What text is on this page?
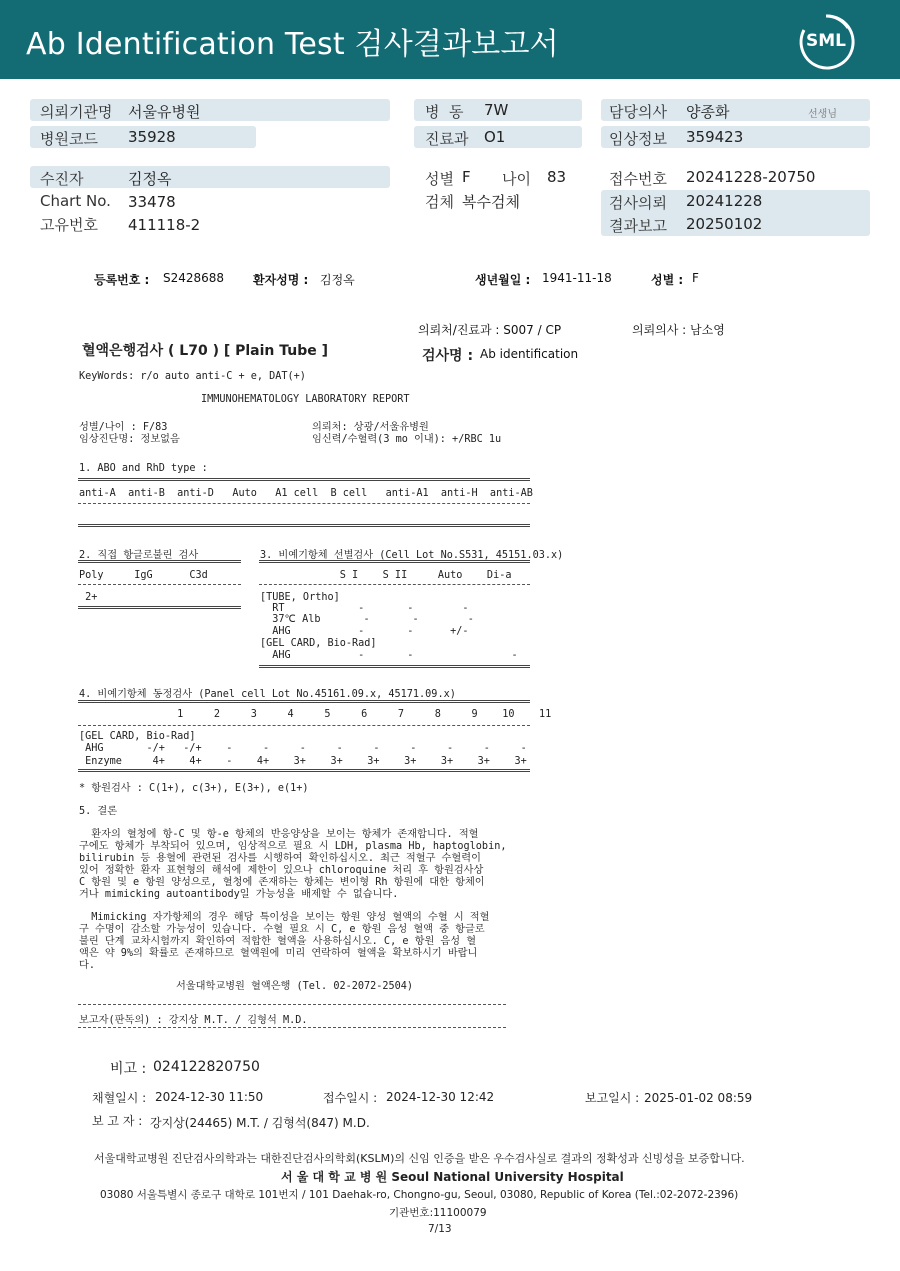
Ab Identification Test 검사결과보고서	SML
의뢰기관명 서울유병원
병원코드 35928
병  동 7W
진료과 O1
담당의사 양종화	선생님
임상정보 359423
수진자	김정옥
Chart No. 33478
고유번호 411118-2
성별 F 나이 83
검체 복수검체
접수번호 20241228-20750
검사의뢰 20241228
결과보고 20250102
등록번호 : S2428688 환자성명 : 김정옥	생년월일 : 1941-11-18	성별 : F
의뢰처/진료과 : S007 / CP	의뢰의사 : 남소영
혈액은행검사 ( L70 ) [ Plain Tube ]	검사명 : Ab identification
KeyWords: r/o auto anti-C + e, DAT(+)
IMMUNOHEMATOLOGY LABORATORY REPORT
성별/나이 : F/83
임상진단명: 정보없음
의뢰처: 상광/서울유병원
임신력/수혈력(3 mo 이내): +/RBC 1u
1. ABO and RhD type :
anti-A  anti-B  anti-D   Auto   A1 cell  B cell   anti-A1  anti-H  anti-AB
2. 직접 항글로불린 검사	3. 비예기항체 선별검사 (Cell Lot No.S531, 45151.03.x)
Poly     IgG      C3d	S I    S II     Auto    Di-a
2+	[TUBE, Ortho]
RT            -       -        -
37℃ Alb       -       -        -
AHG           -       -      +/-
[GEL CARD, Bio-Rad]
AHG           -       -                -
4. 비예기항체 동정검사 (Panel cell Lot No.45161.09.x, 45171.09.x)
1     2     3     4     5     6     7     8     9    10    11
[GEL CARD, Bio-Rad]
AHG       -/+   -/+    -     -     -     -     -     -     -     -     -
Enzyme     4+    4+    -    4+    3+    3+    3+    3+    3+    3+    3+
* 항원검사 : C(1+), c(3+), E(3+), e(1+)
5. 결론
환자의 혈청에 항-C 및 항-e 항체의 반응양상을 보이는 항체가 존재합니다. 적혈
구에도 항체가 부착되어 있으며, 임상적으로 필요 시 LDH, plasma Hb, haptoglobin,
bilirubin 등 용혈에 관련된 검사를 시행하여 확인하십시오. 최근 적혈구 수혈력이
있어 정확한 환자 표현형의 해석에 제한이 있으나 chloroquine 처리 후 항원검사상
C 항원 및 e 항원 양성으로, 혈청에 존재하는 항체는 변이형 Rh 항원에 대한 항체이
거나 mimicking autoantibody일 가능성을 배제할 수 없습니다.
Mimicking 자가항체의 경우 해당 특이성을 보이는 항원 양성 혈액의 수혈 시 적혈
구 수명이 감소할 가능성이 있습니다. 수혈 필요 시 C, e 항원 음성 혈액 중 항글로
불린 단계 교차시험까지 확인하여 적합한 혈액을 사용하십시오. C, e 항원 음성 혈
액은 약 9%의 확률로 존재하므로 혈액원에 미리 연락하여 혈액을 확보하시기 바랍니
다.
서울대학교병원 혈액은행 (Tel. 02-2072-2504)
보고자(판독의) : 강지상 M.T. / 김형석 M.D.
비고 : 024122820750
채혈일시 : 2024-12-30 11:50	접수일시 : 2024-12-30 12:42	보고일시 : 2025-01-02 08:59
보 고 자 : 강지상(24465) M.T. / 김형석(847) M.D.
서울대학교병원 진단검사의학과는 대한진단검사의학회(KSLM)의 신임 인증을 받은 우수검사실로 결과의 정확성과 신빙성을 보증합니다.
서 울 대 학 교 병 원 Seoul National University Hospital
03080 서울특별시 종로구 대학로 101번지 / 101 Daehak-ro, Chongno-gu, Seoul, 03080, Republic of Korea (Tel.:02-2072-2396)
기관번호:11100079
7/13
